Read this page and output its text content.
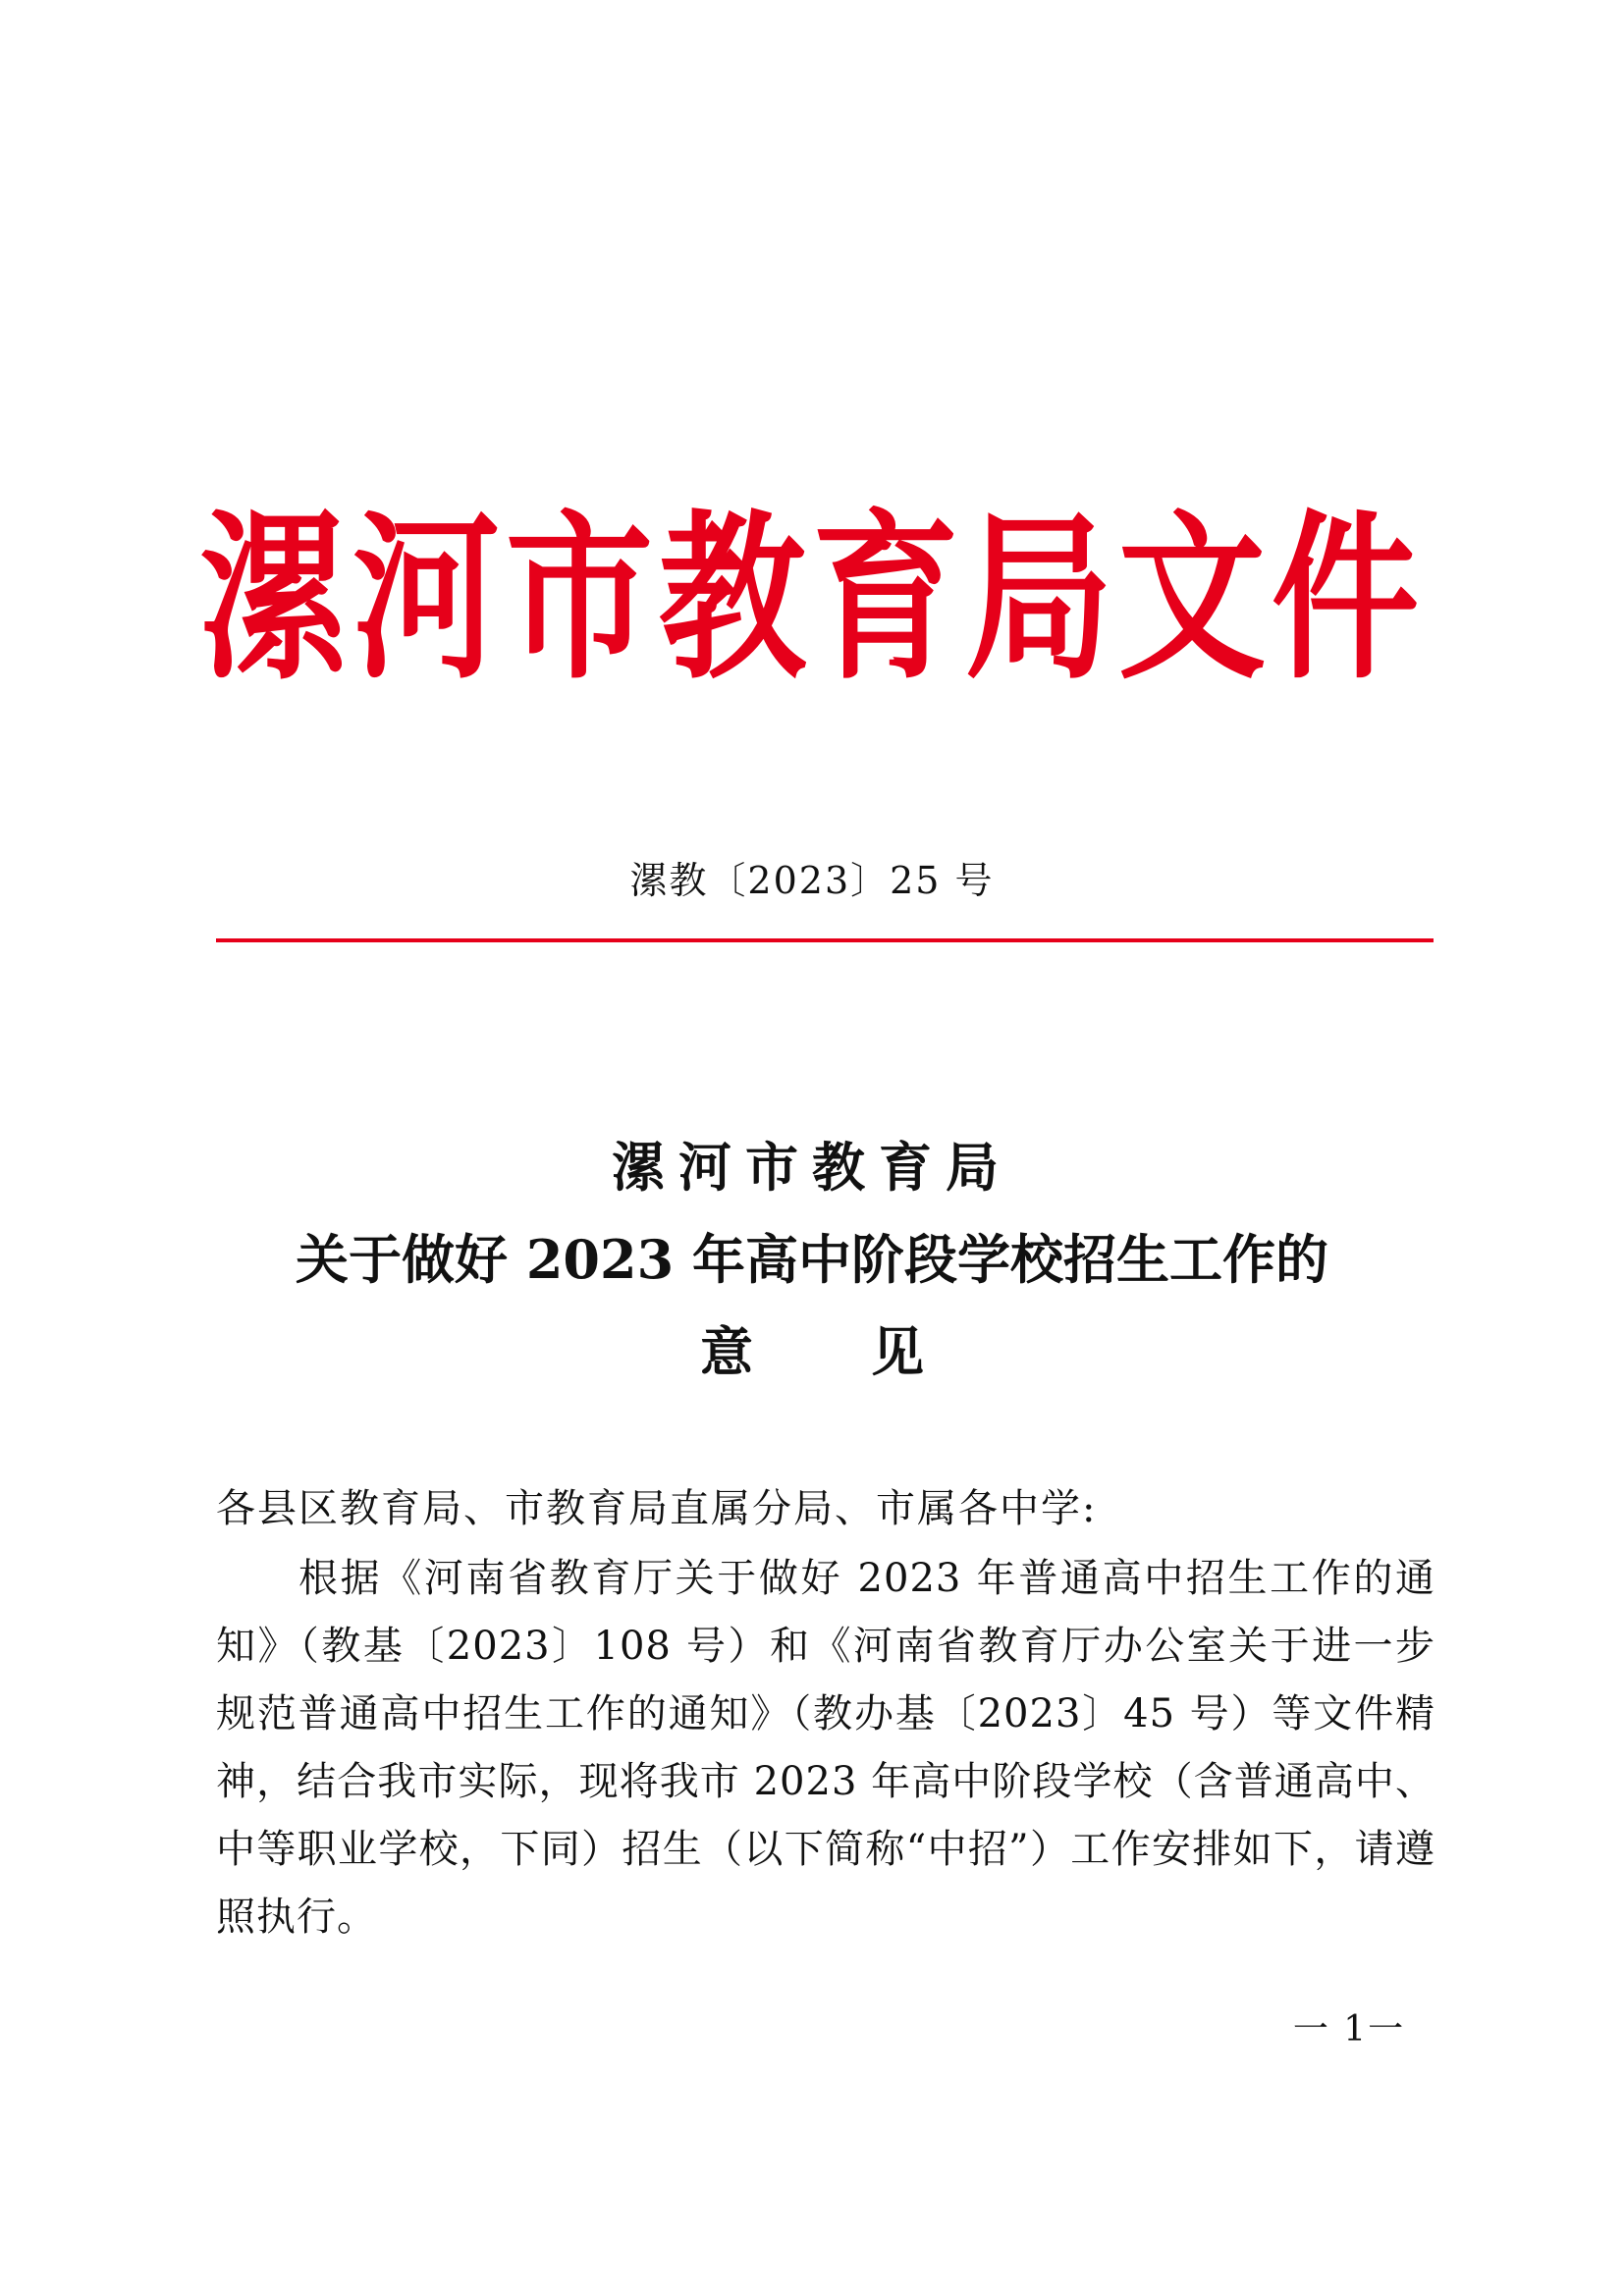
漯河市教育局文件
漯教〔2023〕25 号
漯河市教育局
关于做好 2023 年高中阶段学校招生工作的
意见
各县区教育局、市教育局直属分局、市属各中学:
根据《河南省教育厅关于做好 2023 年普通高中招生工作的通知》（教基〔2023〕108 号）和《河南省教育厅办公室关于进一步规范普通高中招生工作的通知》（教办基〔2023〕45 号）等文件精神，结合我市实际，现将我市 2023 年高中阶段学校（含普通高中、中等职业学校，下同）招生（以下简称“中招”）工作安排如下，请遵照执行。
一 1一
